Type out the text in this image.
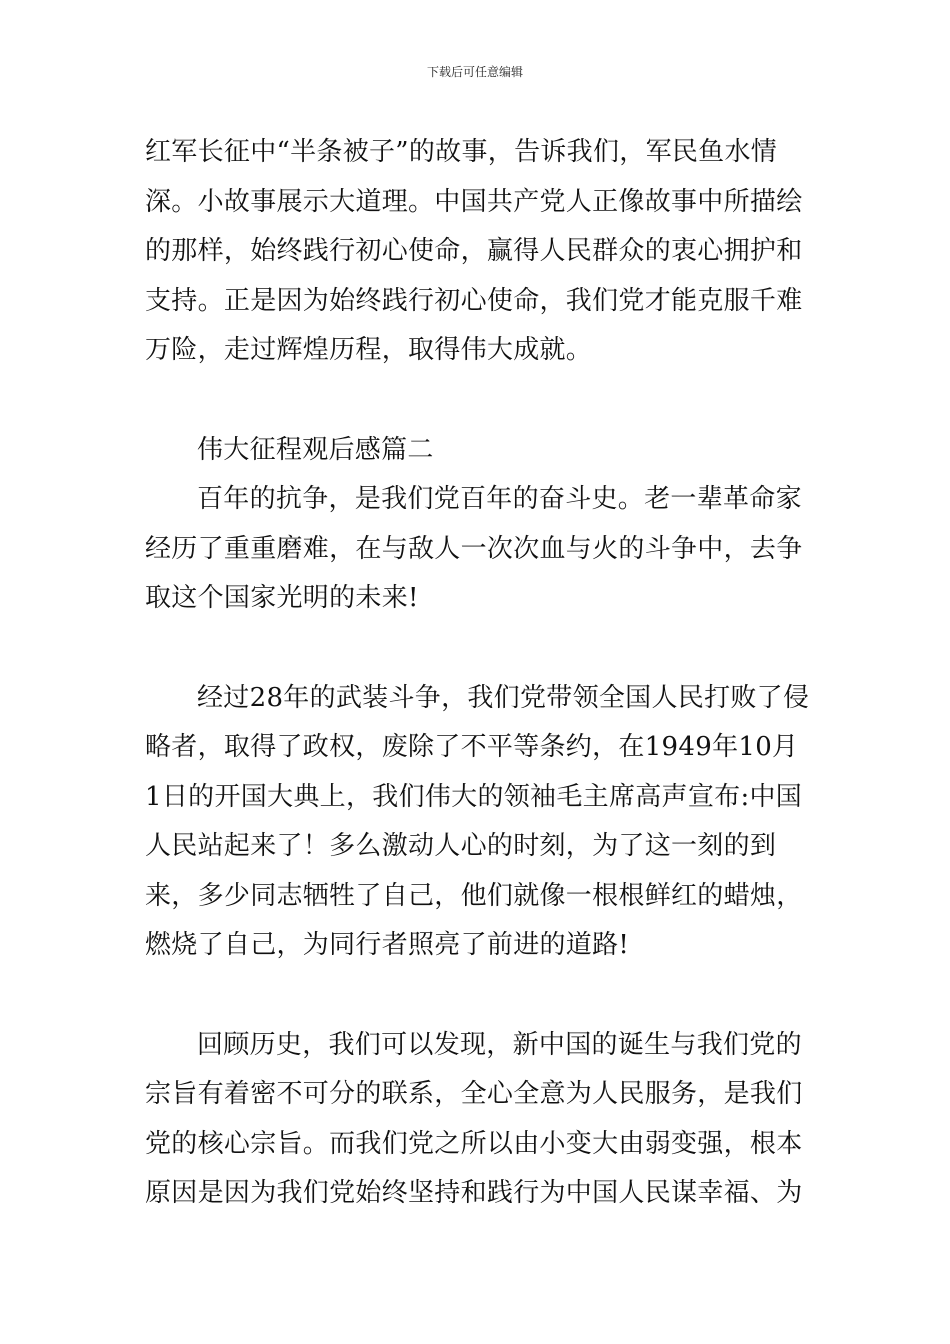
下载后可任意编辑

红军长征中“半条被子”的故事，告诉我们，军民鱼水情深。小故事展示大道理。中国共产党人正像故事中所描绘的那样，始终践行初心使命，赢得人民群众的衷心拥护和支持。正是因为始终践行初心使命，我们党才能克服千难万险，走过辉煌历程，取得伟大成就。

伟大征程观后感篇二

百年的抗争，是我们党百年的奋斗史。老一辈革命家经历了重重磨难，在与敌人一次次血与火的斗争中，去争取这个国家光明的未来!

经过28年的武装斗争，我们党带领全国人民打败了侵略者，取得了政权，废除了不平等条约，在1949年10月1日的开国大典上，我们伟大的领袖毛主席高声宣布:中国人民站起来了！多么激动人心的时刻，为了这一刻的到来，多少同志牺牲了自己，他们就像一根根鲜红的蜡烛，燃烧了自己，为同行者照亮了前进的道路!

回顾历史，我们可以发现，新中国的诞生与我们党的宗旨有着密不可分的联系，全心全意为人民服务，是我们党的核心宗旨。而我们党之所以由小变大由弱变强，根本原因是因为我们党始终坚持和践行为中国人民谋幸福、为
